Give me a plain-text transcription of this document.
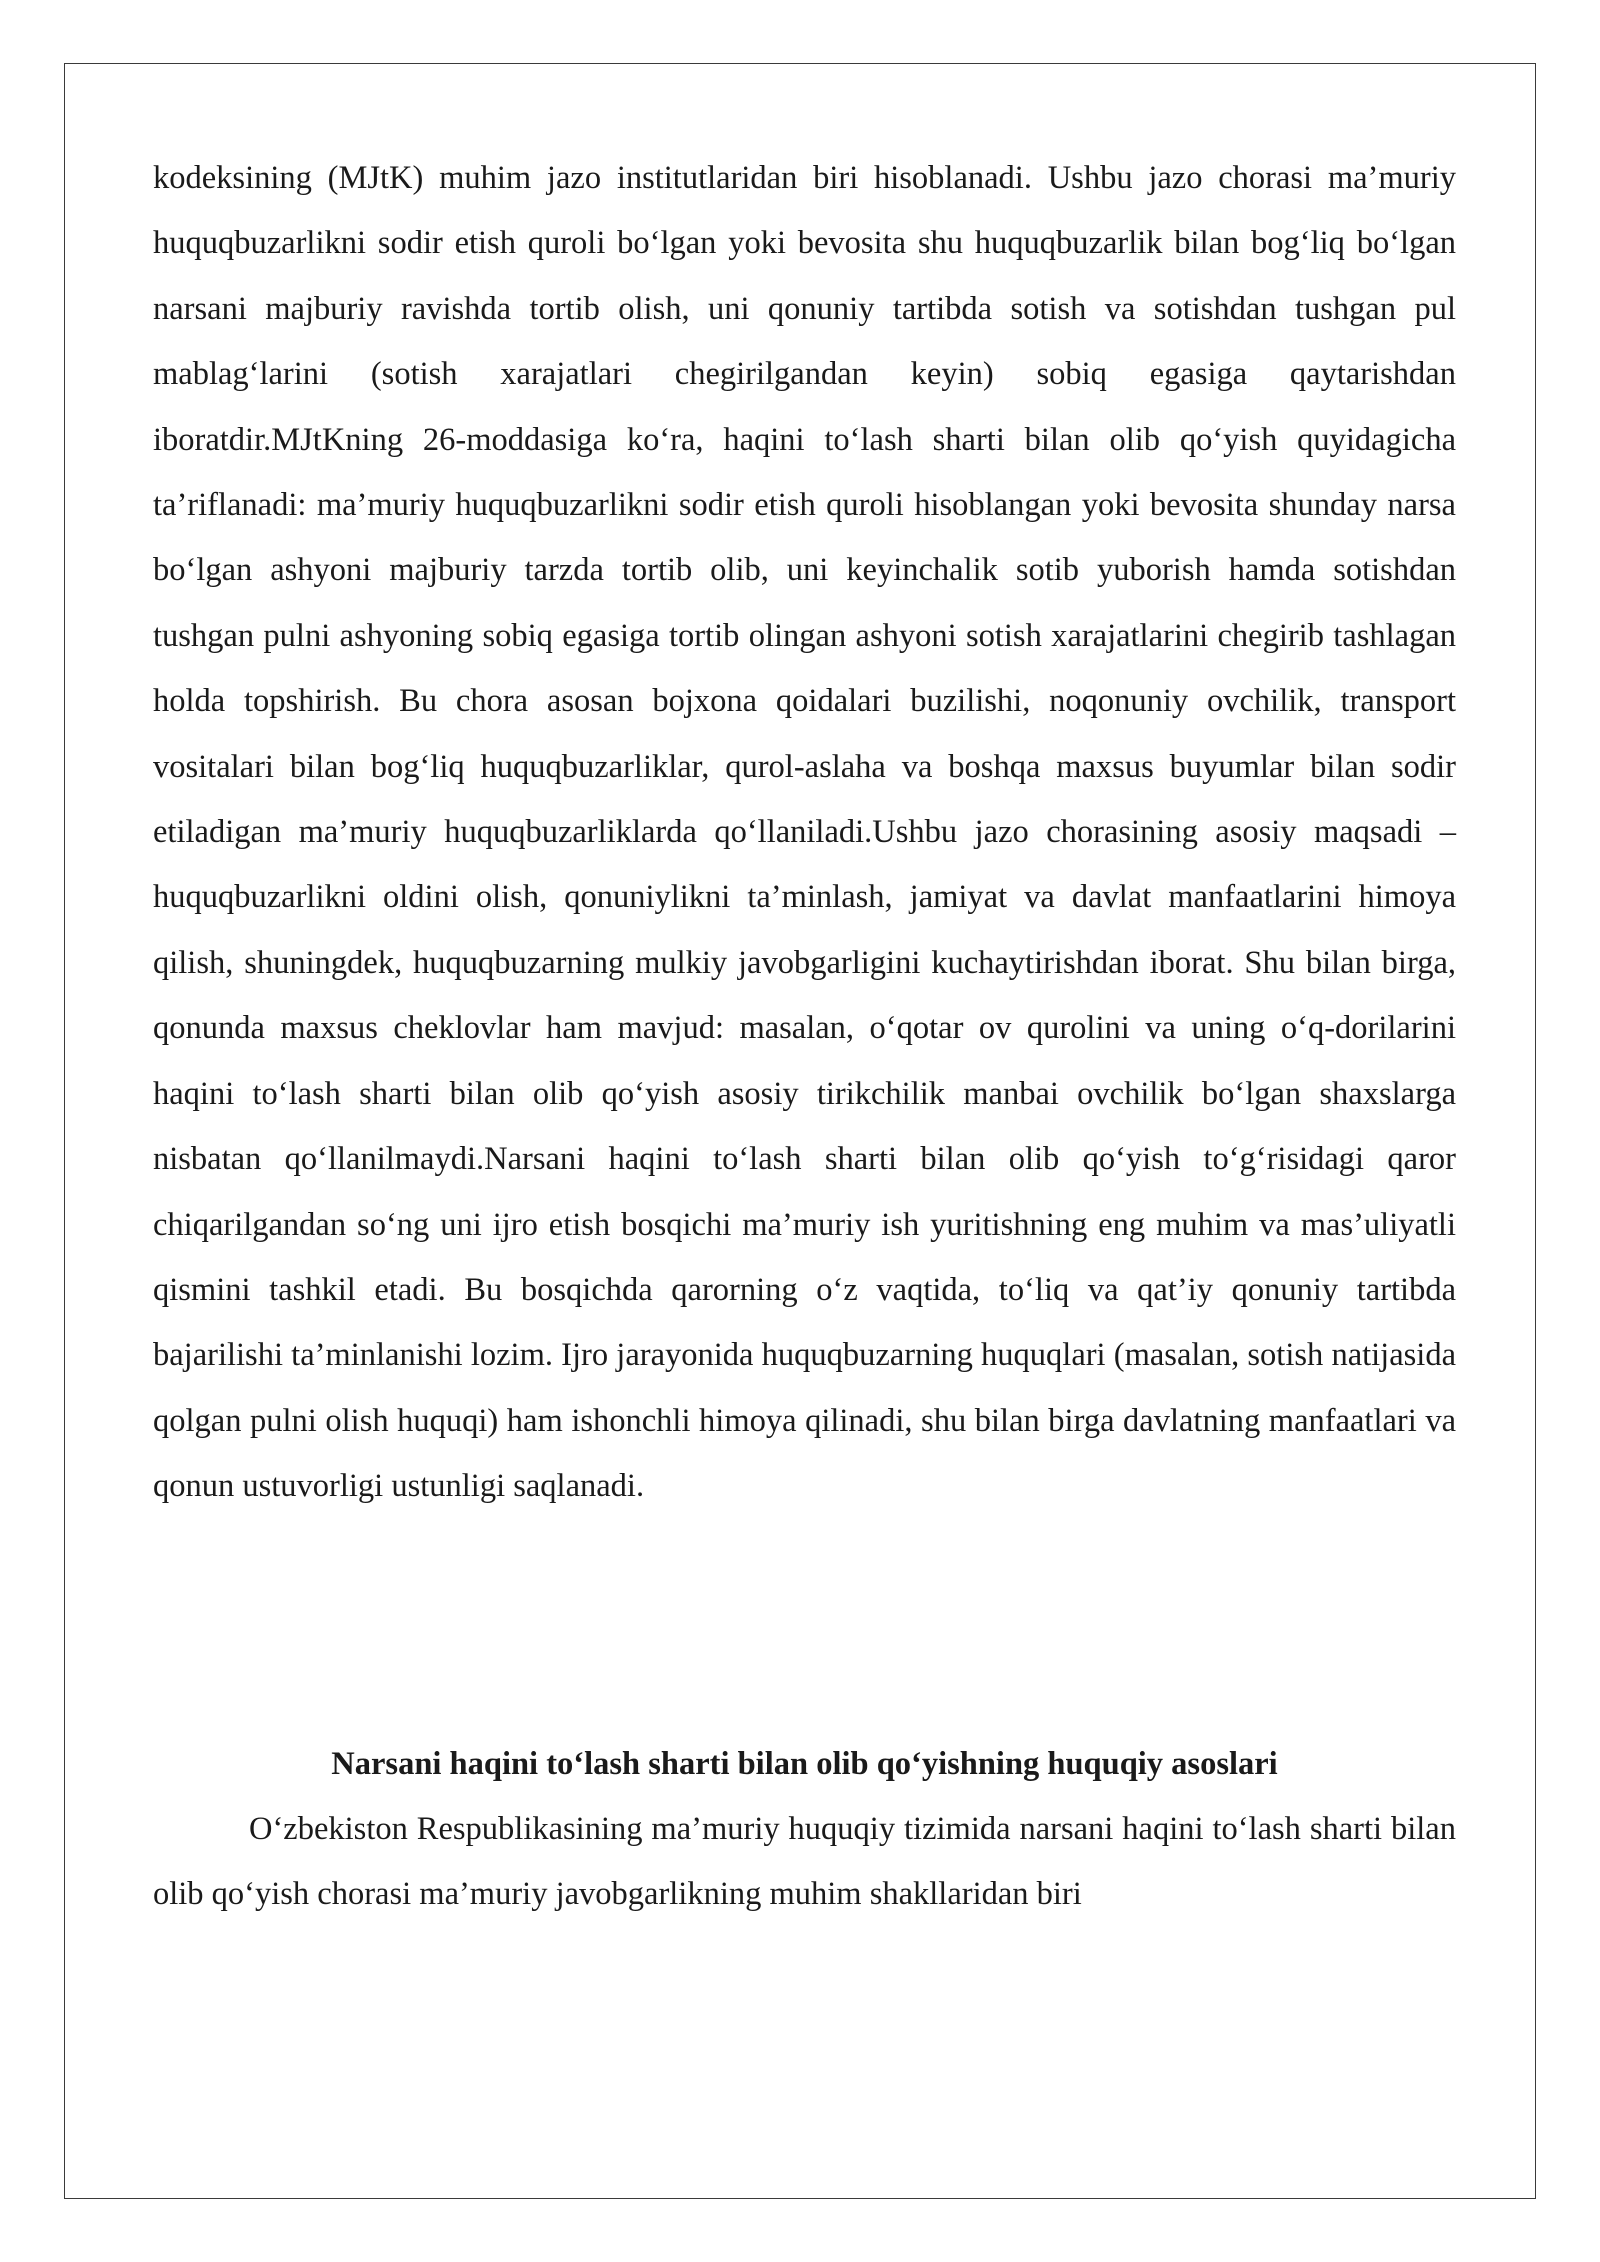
kodeksining (MJtK) muhim jazo institutlaridan biri hisoblanadi. Ushbu jazo chorasi ma’muriy huquqbuzarlikni sodir etish quroli bo‘lgan yoki bevosita shu huquqbuzarlik bilan bog‘liq bo‘lgan narsani majburiy ravishda tortib olish, uni qonuniy tartibda sotish va sotishdan tushgan pul mablag‘larini (sotish xarajatlari chegirilgandan keyin) sobiq egasiga qaytarishdan iboratdir.MJtKning 26-moddasiga ko‘ra, haqini to‘lash sharti bilan olib qo‘yish quyidagicha ta’riflanadi: ma’muriy huquqbuzarlikni sodir etish quroli hisoblangan yoki bevosita shunday narsa bo‘lgan ashyoni majburiy tarzda tortib olib, uni keyinchalik sotib yuborish hamda sotishdan tushgan pulni ashyoning sobiq egasiga tortib olingan ashyoni sotish xarajatlarini chegirib tashlagan holda topshirish. Bu chora asosan bojxona qoidalari buzilishi, noqonuniy ovchilik, transport vositalari bilan bog‘liq huquqbuzarliklar, qurol-aslaha va boshqa maxsus buyumlar bilan sodir etiladigan ma’muriy huquqbuzarliklarda qo‘llaniladi.Ushbu jazo chorasining asosiy maqsadi – huquqbuzarlikni oldini olish, qonuniylikni ta’minlash, jamiyat va davlat manfaatlarini himoya qilish, shuningdek, huquqbuzarning mulkiy javobgarligini kuchaytirishdan iborat. Shu bilan birga, qonunda maxsus cheklovlar ham mavjud: masalan, o‘qotar ov qurolini va uning o‘q-dorilarini haqini to‘lash sharti bilan olib qo‘yish asosiy tirikchilik manbai ovchilik bo‘lgan shaxslarga nisbatan qo‘llanilmaydi.Narsani haqini to‘lash sharti bilan olib qo‘yish to‘g‘risidagi qaror chiqarilgandan so‘ng uni ijro etish bosqichi ma’muriy ish yuritishning eng muhim va mas’uliyatli qismini tashkil etadi. Bu bosqichda qarorning o‘z vaqtida, to‘liq va qat’iy qonuniy tartibda bajarilishi ta’minlanishi lozim. Ijro jarayonida huquqbuzarning huquqlari (masalan, sotish natijasida qolgan pulni olish huquqi) ham ishonchli himoya qilinadi, shu bilan birga davlatning manfaatlari va qonun ustuvorligi ustunligi saqlanadi.

Narsani haqini to‘lash sharti bilan olib qo‘yishning huquqiy asoslari

O‘zbekiston Respublikasining ma’muriy huquqiy tizimida narsani haqini to‘lash sharti bilan olib qo‘yish chorasi ma’muriy javobgarlikning muhim shakllaridan biri
